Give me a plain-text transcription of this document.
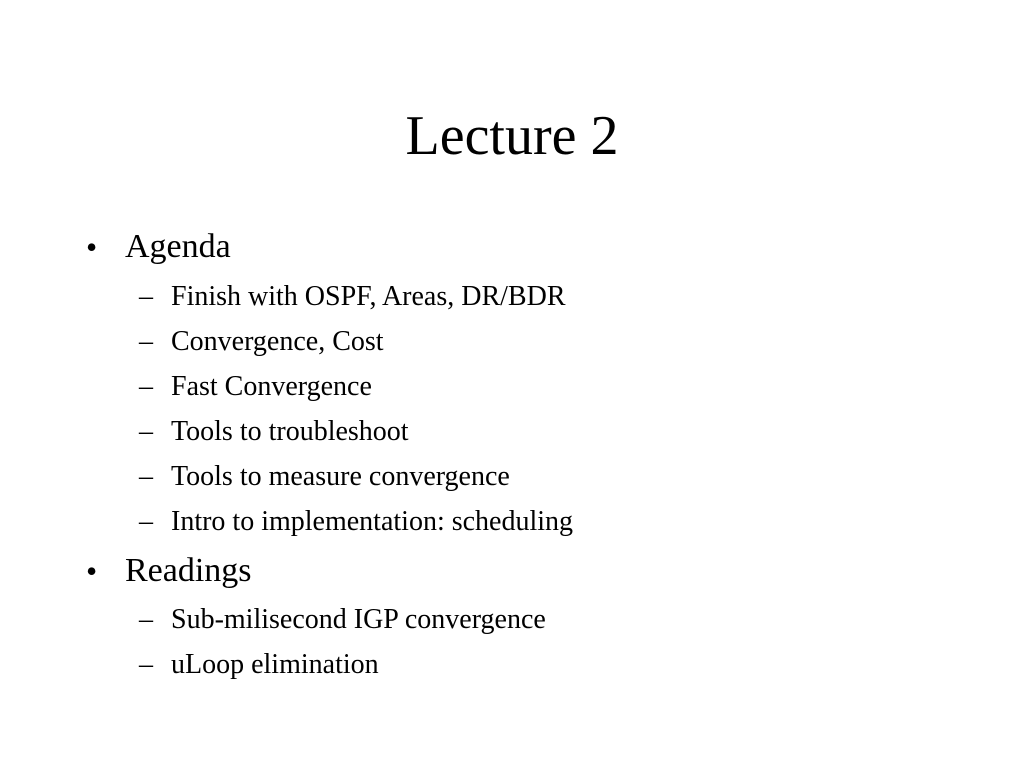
Lecture 2
• Agenda
– Finish with OSPF, Areas, DR/BDR
– Convergence, Cost
– Fast Convergence
– Tools to troubleshoot
– Tools to measure convergence
– Intro to implementation: scheduling
• Readings
– Sub-milisecond IGP convergence
– uLoop elimination
